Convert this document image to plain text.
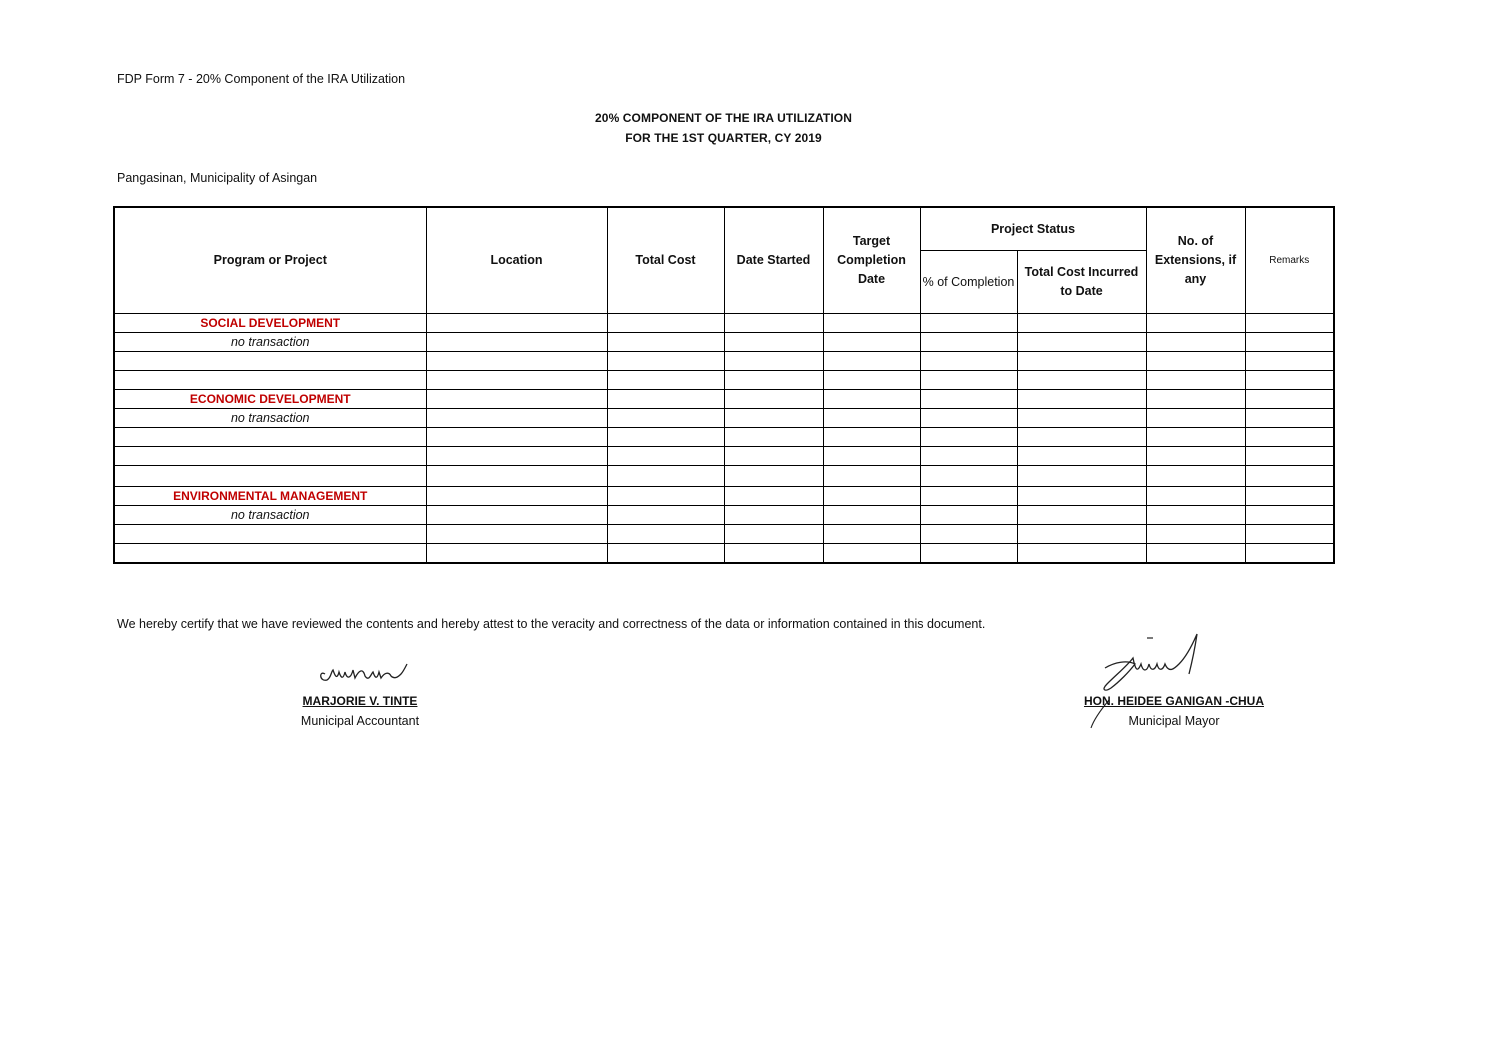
FDP Form 7 - 20% Component of the IRA Utilization
20% COMPONENT OF THE IRA UTILIZATION
FOR THE 1ST QUARTER, CY 2019
Pangasinan, Municipality of Asingan
Program or Project	Location	Total Cost	Date Started	Target Completion Date	Project Status		No. of Extensions, if any	Remarks
					% of Completion	Total Cost Incurred to Date		
SOCIAL DEVELOPMENT								
no transaction								

ECONOMIC DEVELOPMENT								
no transaction								

ENVIRONMENTAL MANAGEMENT								
no transaction								

We hereby certify that we have reviewed the contents and hereby attest to the veracity and correctness of the data or information contained in this document.
MARJORIE V. TINTE
Municipal Accountant
HON. HEIDEE GANIGAN -CHUA
Municipal Mayor
